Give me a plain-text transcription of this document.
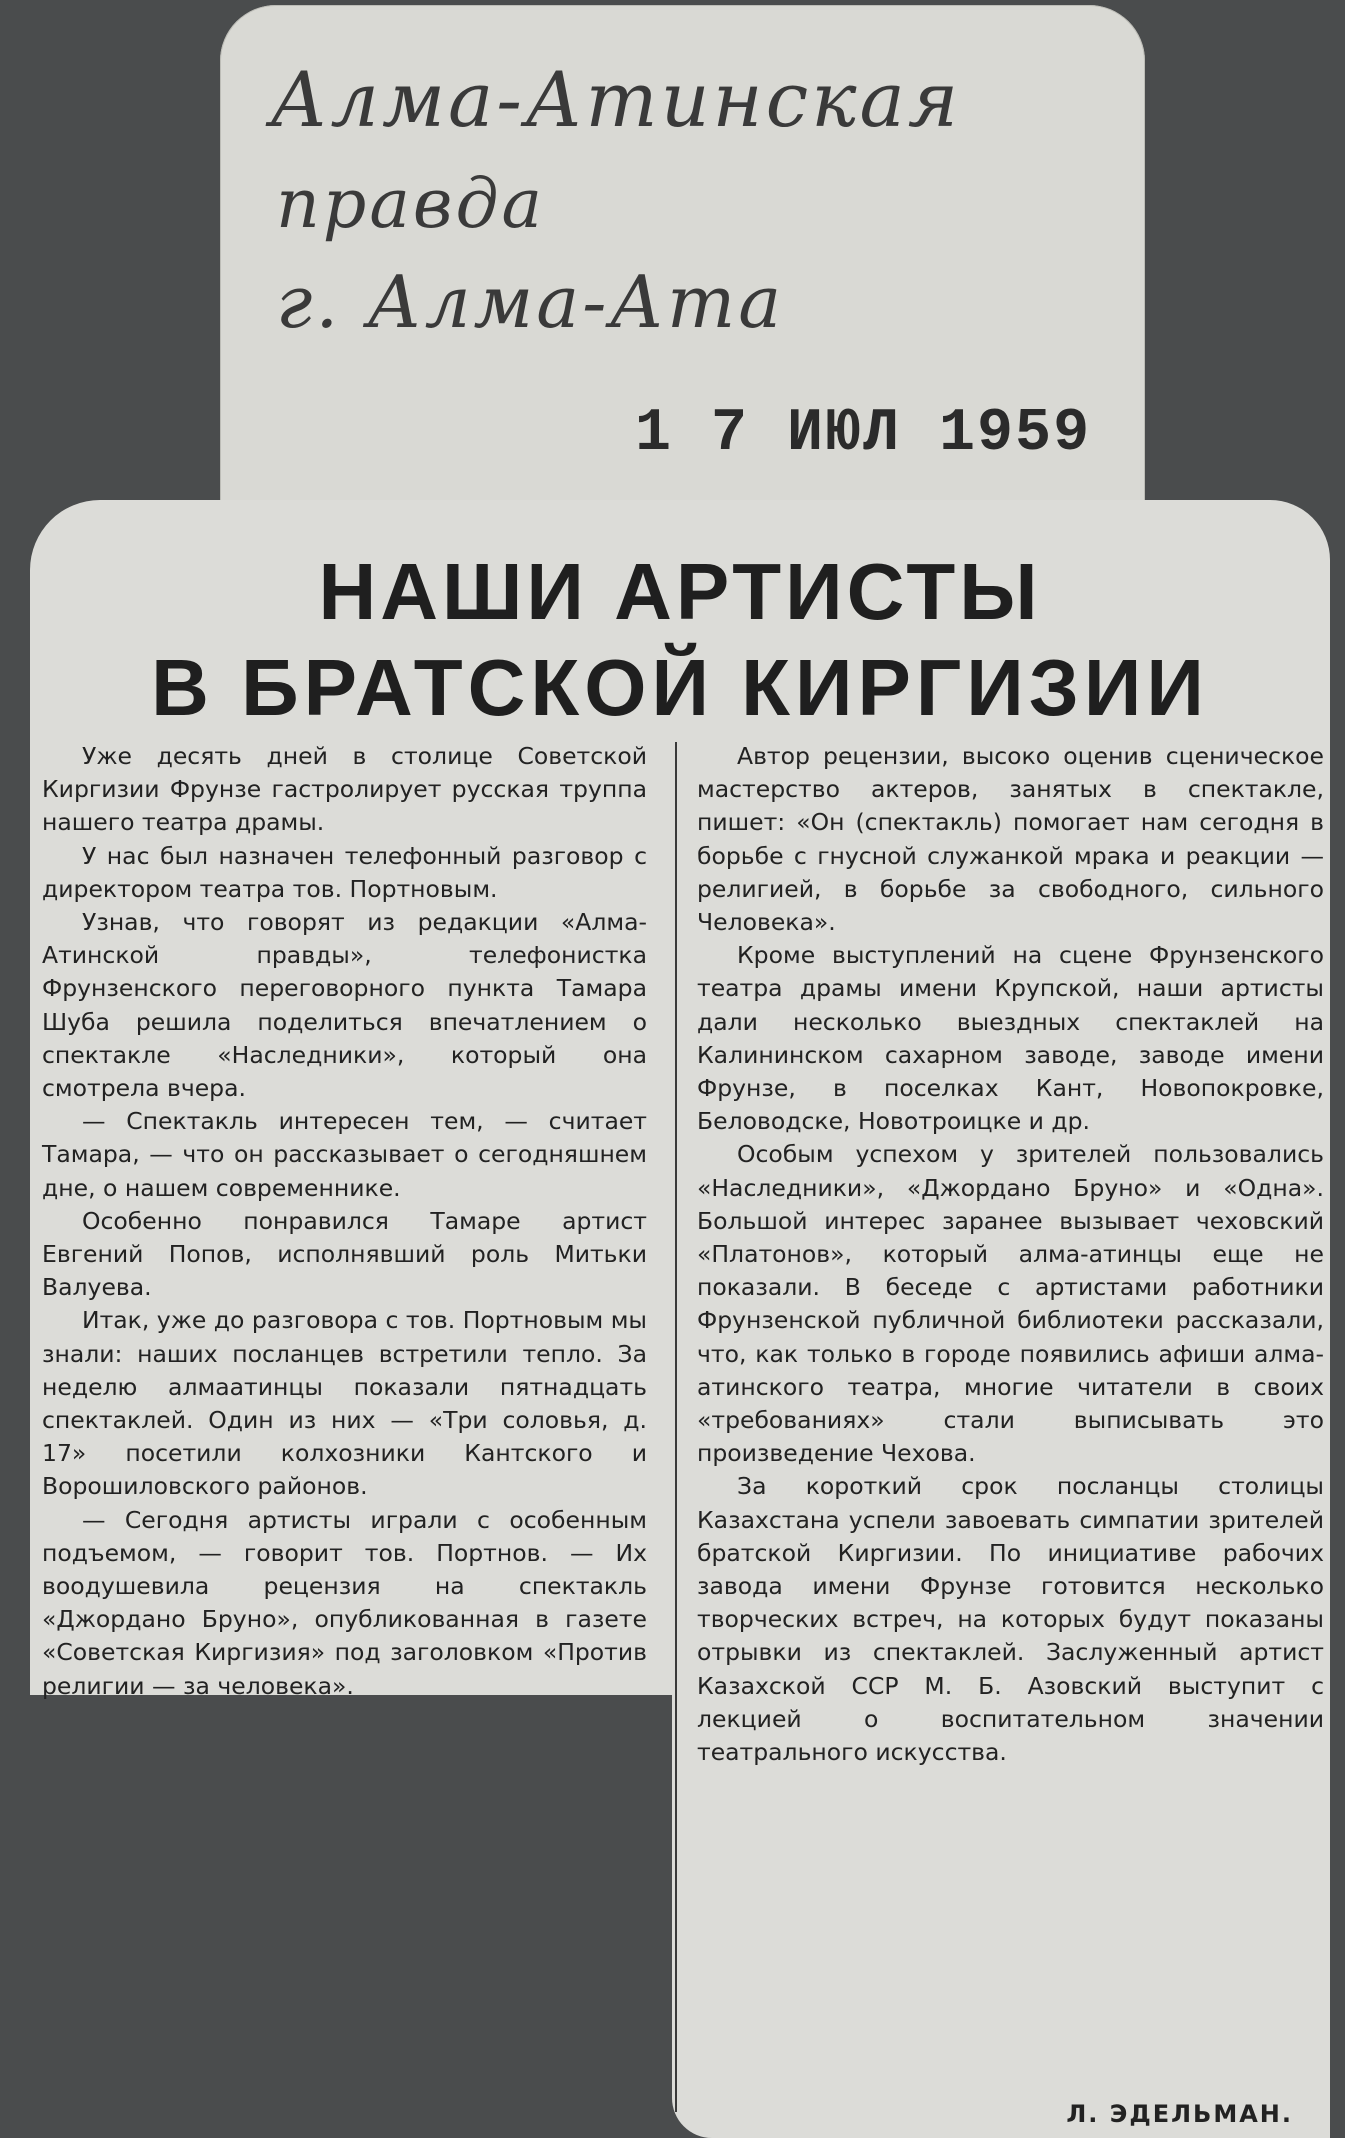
Алма-Атинская
правда
г. Алма-Ата
1 7 ИЮЛ 1959
НАШИ АРТИСТЫ
В БРАТСКОЙ КИРГИЗИИ

Уже десять дней в столице Советской Киргизии Фрунзе гастролирует русская труппа нашего театра драмы.

У нас был назначен телефонный разговор с директором театра тов. Портновым.

Узнав, что говорят из редакции «Алма-Атинской правды», телефонистка Фрунзенского переговорного пункта Тамара Шуба решила поделиться впечатлением о спектакле «Наследники», который она смотрела вчера.

— Спектакль интересен тем, — считает Тамара, — что он рассказывает о сегодняшнем дне, о нашем современнике.

Особенно понравился Тамаре артист Евгений Попов, исполнявший роль Митьки Валуева.

Итак, уже до разговора с тов. Портновым мы знали: наших посланцев встретили тепло. За неделю алмаатинцы показали пятнадцать спектаклей. Один из них — «Три соловья, д. 17» посетили колхозники Кантского и Ворошиловского районов.

— Сегодня артисты играли с особенным подъемом, — говорит тов. Портнов. — Их воодушевила рецензия на спектакль «Джордано Бруно», опубликованная в газете «Советская Киргизия» под заголовком «Против религии — за человека».

Автор рецензии, высоко оценив сценическое мастерство актеров, занятых в спектакле, пишет: «Он (спектакль) помогает нам сегодня в борьбе с гнусной служанкой мрака и реакции — религией, в борьбе за свободного, сильного Человека».

Кроме выступлений на сцене Фрунзенского театра драмы имени Крупской, наши артисты дали несколько выездных спектаклей на Калининском сахарном заводе, заводе имени Фрунзе, в поселках Кант, Новопокровке, Беловодске, Новотроицке и др.

Особым успехом у зрителей пользовались «Наследники», «Джордано Бруно» и «Одна». Большой интерес заранее вызывает чеховский «Платонов», который алма-атинцы еще не показали. В беседе с артистами работники Фрунзенской публичной библиотеки рассказали, что, как только в городе появились афиши алма-атинского театра, многие читатели в своих «требованиях» стали выписывать это произведение Чехова.

За короткий срок посланцы столицы Казахстана успели завоевать симпатии зрителей братской Киргизии. По инициативе рабочих завода имени Фрунзе готовится несколько творческих встреч, на которых будут показаны отрывки из спектаклей. Заслуженный артист Казахской ССР М. Б. Азовский выступит с лекцией о воспитательном значении театрального искусства.

Л. ЭДЕЛЬМАН.
